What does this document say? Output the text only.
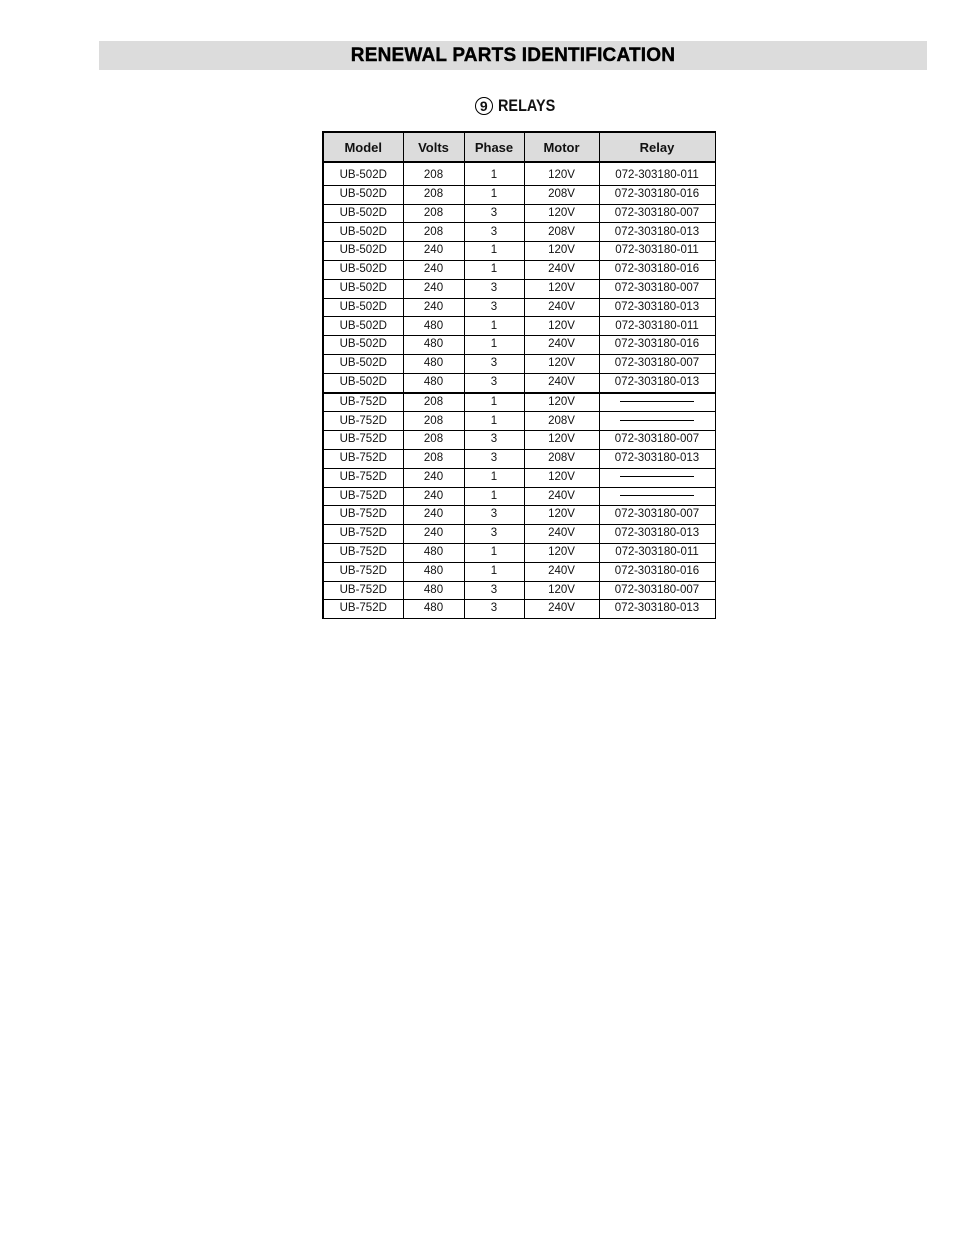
RENEWAL PARTS IDENTIFICATION
9 RELAYS
Model	Volts	Phase	Motor	Relay

UB-502D	208	1	120V	072-303180-011
UB-502D	208	1	208V	072-303180-016
UB-502D	208	3	120V	072-303180-007
UB-502D	208	3	208V	072-303180-013
UB-502D	240	1	120V	072-303180-011
UB-502D	240	1	240V	072-303180-016
UB-502D	240	3	120V	072-303180-007
UB-502D	240	3	240V	072-303180-013
UB-502D	480	1	120V	072-303180-011
UB-502D	480	1	240V	072-303180-016
UB-502D	480	3	120V	072-303180-007
UB-502D	480	3	240V	072-303180-013
UB-752D	208	1	120V	
UB-752D	208	1	208V	
UB-752D	208	3	120V	072-303180-007
UB-752D	208	3	208V	072-303180-013
UB-752D	240	1	120V	
UB-752D	240	1	240V	
UB-752D	240	3	120V	072-303180-007
UB-752D	240	3	240V	072-303180-013
UB-752D	480	1	120V	072-303180-011
UB-752D	480	1	240V	072-303180-016
UB-752D	480	3	120V	072-303180-007
UB-752D	480	3	240V	072-303180-013
